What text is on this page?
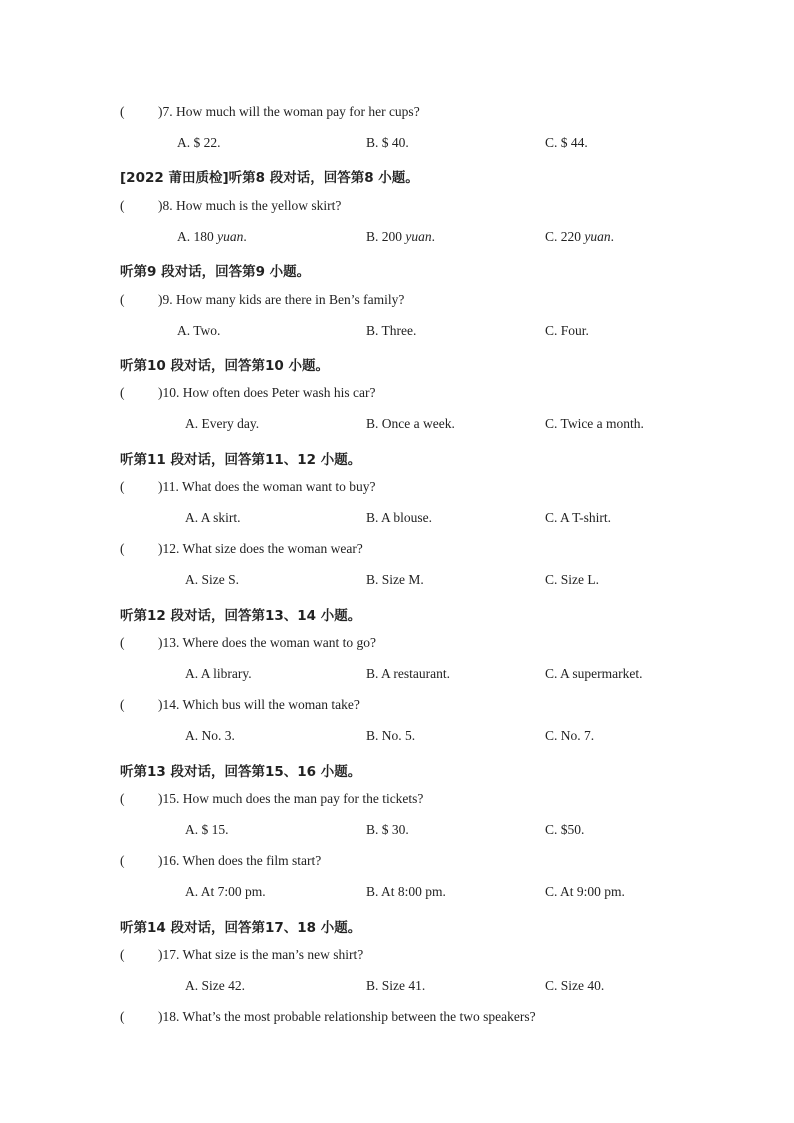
( )7. How much will the woman pay for her cups?
A. $ 22.	B. $ 40.	C. $ 44.
[2022 莆田质检]听第8 段对话，回答第8 小题。
( )8. How much is the yellow skirt?
A. 180 yuan.	B. 200 yuan.	C. 220 yuan.
听第9 段对话，回答第9 小题。
( )9. How many kids are there in Ben’s family?
A. Two.	B. Three.	C. Four.
听第10 段对话，回答第10 小题。
( )10. How often does Peter wash his car?
A. Every day.	B. Once a week.	C. Twice a month.
听第11 段对话，回答第11、12 小题。
( )11. What does the woman want to buy?
A. A skirt.	B. A blouse.	C. A T-shirt.
( )12. What size does the woman wear?
A. Size S.	B. Size M.	C. Size L.
听第12 段对话，回答第13、14 小题。
( )13. Where does the woman want to go?
A. A library.	B. A restaurant.	C. A supermarket.
( )14. Which bus will the woman take?
A. No. 3.	B. No. 5.	C. No. 7.
听第13 段对话，回答第15、16 小题。
( )15. How much does the man pay for the tickets?
A. $ 15.	B. $ 30.	C. $50.
( )16. When does the film start?
A. At 7:00 pm.	B. At 8:00 pm.	C. At 9:00 pm.
听第14 段对话，回答第17、18 小题。
( )17. What size is the man’s new shirt?
A. Size 42.	B. Size 41.	C. Size 40.
( )18. What’s the most probable relationship between the two speakers?
